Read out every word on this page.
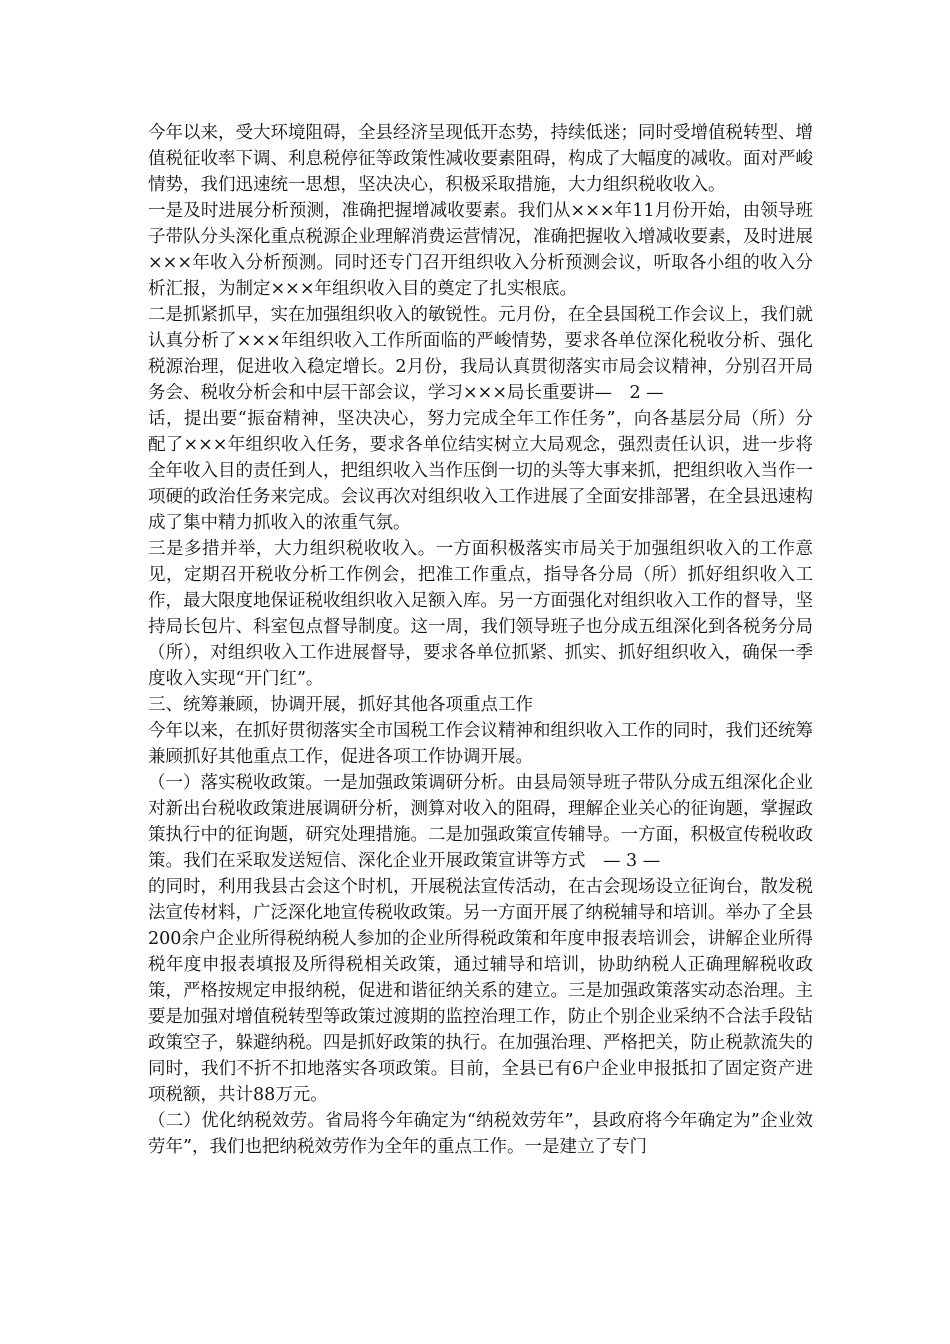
今年以来，受大环境阻碍，全县经济呈现低开态势，持续低迷；同时受增值税转型、增值税征收率下调、利息税停征等政策性减收要素阻碍，构成了大幅度的减收。面对严峻情势，我们迅速统一思想，坚决决心，积极采取措施，大力组织税收收入。

一是及时进展分析预测，准确把握增减收要素。我们从×××年11月份开始，由领导班子带队分头深化重点税源企业理解消费运营情况，准确把握收入增减收要素，及时进展×××年收入分析预测。同时还专门召开组织收入分析预测会议，听取各小组的收入分析汇报，为制定×××年组织收入目的奠定了扎实根底。

二是抓紧抓早，实在加强组织收入的敏锐性。元月份，在全县国税工作会议上，我们就认真分析了×××年组织收入工作所面临的严峻情势，要求各单位深化税收分析、强化税源治理，促进收入稳定增长。2月份，我局认真贯彻落实市局会议精神，分别召开局务会、税收分析会和中层干部会议，学习×××局长重要讲—　2 —

话，提出要“振奋精神，坚决决心，努力完成全年工作任务”，向各基层分局（所）分配了×××年组织收入任务，要求各单位结实树立大局观念，强烈责任认识，进一步将全年收入目的责任到人，把组织收入当作压倒一切的头等大事来抓，把组织收入当作一项硬的政治任务来完成。会议再次对组织收入工作进展了全面安排部署，在全县迅速构成了集中精力抓收入的浓重气氛。

三是多措并举，大力组织税收收入。一方面积极落实市局关于加强组织收入的工作意见，定期召开税收分析工作例会，把准工作重点，指导各分局（所）抓好组织收入工作，最大限度地保证税收组织收入足额入库。另一方面强化对组织收入工作的督导，坚持局长包片、科室包点督导制度。这一周，我们领导班子也分成五组深化到各税务分局（所），对组织收入工作进展督导，要求各单位抓紧、抓实、抓好组织收入，确保一季度收入实现“开门红”。

三、统筹兼顾，协调开展，抓好其他各项重点工作

今年以来，在抓好贯彻落实全市国税工作会议精神和组织收入工作的同时，我们还统筹兼顾抓好其他重点工作，促进各项工作协调开展。

（一）落实税收政策。一是加强政策调研分析。由县局领导班子带队分成五组深化企业对新出台税收政策进展调研分析，测算对收入的阻碍，理解企业关心的征询题，掌握政策执行中的征询题，研究处理措施。二是加强政策宣传辅导。一方面，积极宣传税收政策。我们在采取发送短信、深化企业开展政策宣讲等方式　— 3 —

的同时，利用我县古会这个时机，开展税法宣传活动，在古会现场设立征询台，散发税法宣传材料，广泛深化地宣传税收政策。另一方面开展了纳税辅导和培训。举办了全县200余户企业所得税纳税人参加的企业所得税政策和年度申报表培训会，讲解企业所得税年度申报表填报及所得税相关政策，通过辅导和培训，协助纳税人正确理解税收政策，严格按规定申报纳税，促进和谐征纳关系的建立。三是加强政策落实动态治理。主要是加强对增值税转型等政策过渡期的监控治理工作，防止个别企业采纳不合法手段钻政策空子，躲避纳税。四是抓好政策的执行。在加强治理、严格把关，防止税款流失的同时，我们不折不扣地落实各项政策。目前，全县已有6户企业申报抵扣了固定资产进项税额，共计88万元。

（二）优化纳税效劳。省局将今年确定为“纳税效劳年”，县政府将今年确定为”企业效劳年”，我们也把纳税效劳作为全年的重点工作。一是建立了专门
